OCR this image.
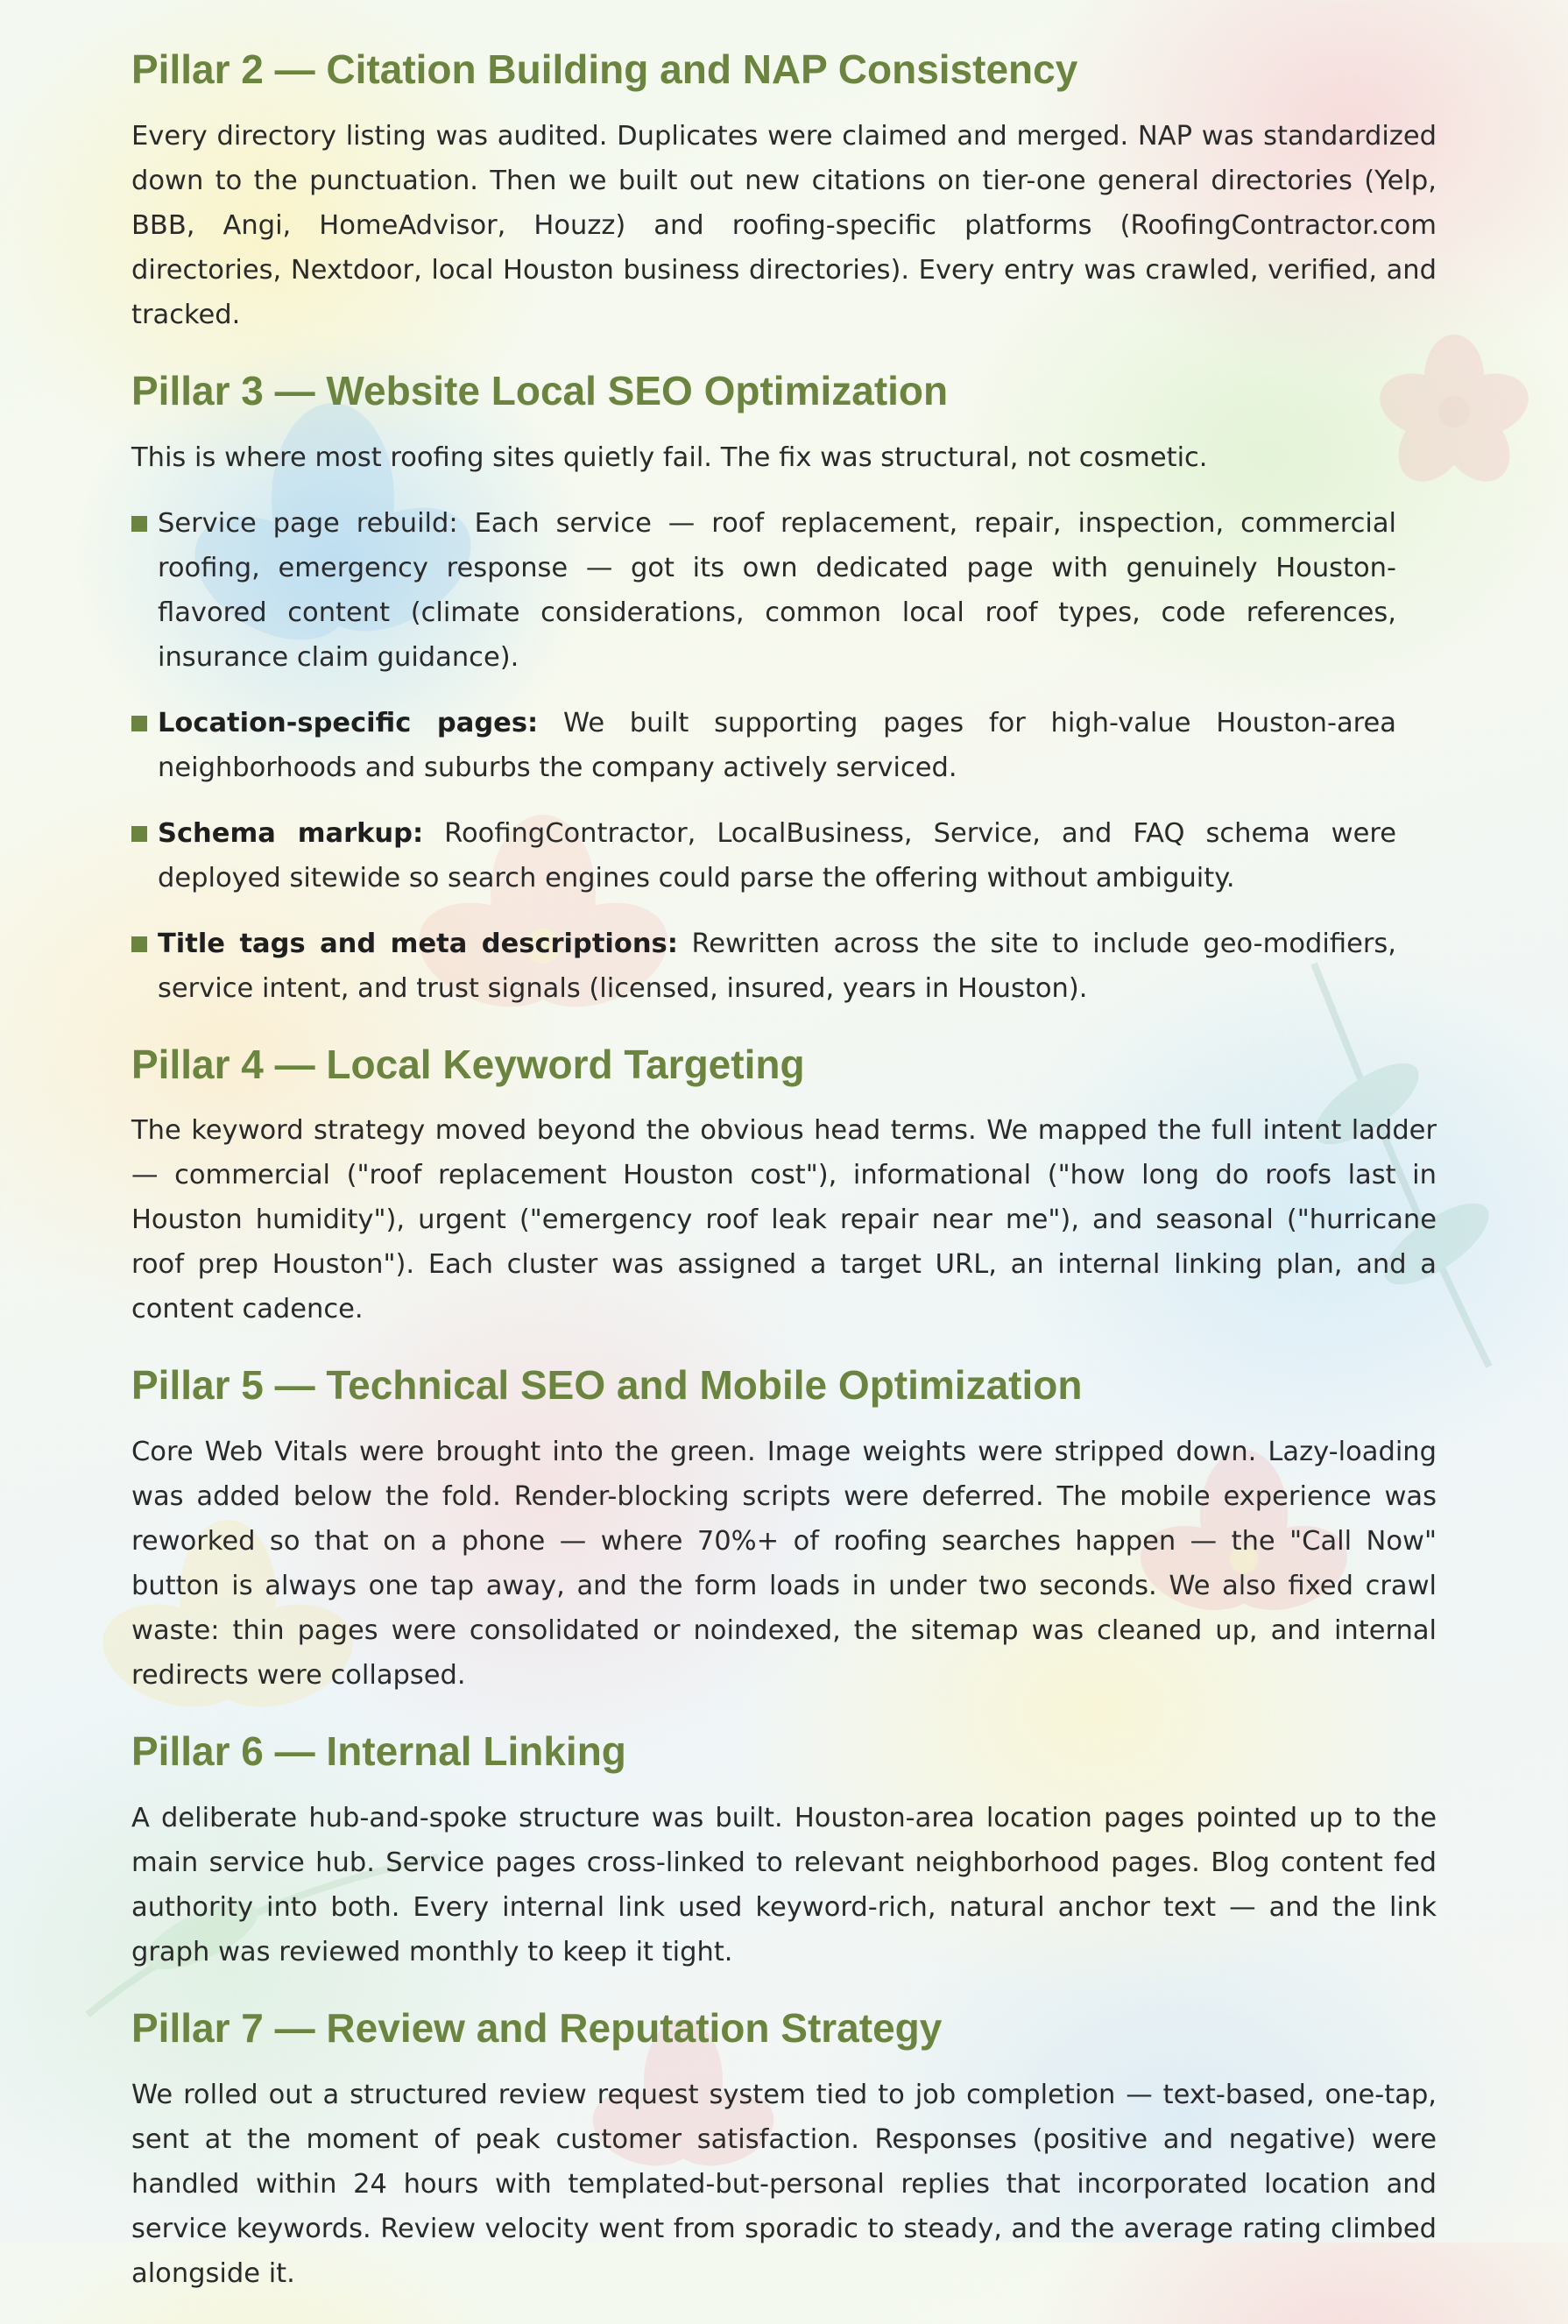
Pillar 2 — Citation Building and NAP Consistency

Every directory listing was audited. Duplicates were claimed and merged. NAP was standardized down to the punctuation. Then we built out new citations on tier-one general directories (Yelp, BBB, Angi, HomeAdvisor, Houzz) and roofing-specific platforms (RoofingContractor.com directories, Nextdoor, local Houston business directories). Every entry was crawled, verified, and tracked.

Pillar 3 — Website Local SEO Optimization

This is where most roofing sites quietly fail. The fix was structural, not cosmetic.

Service page rebuild: Each service — roof replacement, repair, inspection, commercial roofing, emergency response — got its own dedicated page with genuinely Houston-flavored content (climate considerations, common local roof types, code references, insurance claim guidance).
Location-specific pages: We built supporting pages for high-value Houston-area neighborhoods and suburbs the company actively serviced.
Schema markup: RoofingContractor, LocalBusiness, Service, and FAQ schema were deployed sitewide so search engines could parse the offering without ambiguity.
Title tags and meta descriptions: Rewritten across the site to include geo-modifiers, service intent, and trust signals (licensed, insured, years in Houston).
Pillar 4 — Local Keyword Targeting

The keyword strategy moved beyond the obvious head terms. We mapped the full intent ladder — commercial ("roof replacement Houston cost"), informational ("how long do roofs last in Houston humidity"), urgent ("emergency roof leak repair near me"), and seasonal ("hurricane roof prep Houston"). Each cluster was assigned a target URL, an internal linking plan, and a content cadence.

Pillar 5 — Technical SEO and Mobile Optimization

Core Web Vitals were brought into the green. Image weights were stripped down. Lazy-loading was added below the fold. Render-blocking scripts were deferred. The mobile experience was reworked so that on a phone — where 70%+ of roofing searches happen — the "Call Now" button is always one tap away, and the form loads in under two seconds. We also fixed crawl waste: thin pages were consolidated or noindexed, the sitemap was cleaned up, and internal redirects were collapsed.

Pillar 6 — Internal Linking

A deliberate hub-and-spoke structure was built. Houston-area location pages pointed up to the main service hub. Service pages cross-linked to relevant neighborhood pages. Blog content fed authority into both. Every internal link used keyword-rich, natural anchor text — and the link graph was reviewed monthly to keep it tight.

Pillar 7 — Review and Reputation Strategy

We rolled out a structured review request system tied to job completion — text-based, one-tap, sent at the moment of peak customer satisfaction. Responses (positive and negative) were handled within 24 hours with templated-but-personal replies that incorporated location and service keywords. Review velocity went from sporadic to steady, and the average rating climbed alongside it.
